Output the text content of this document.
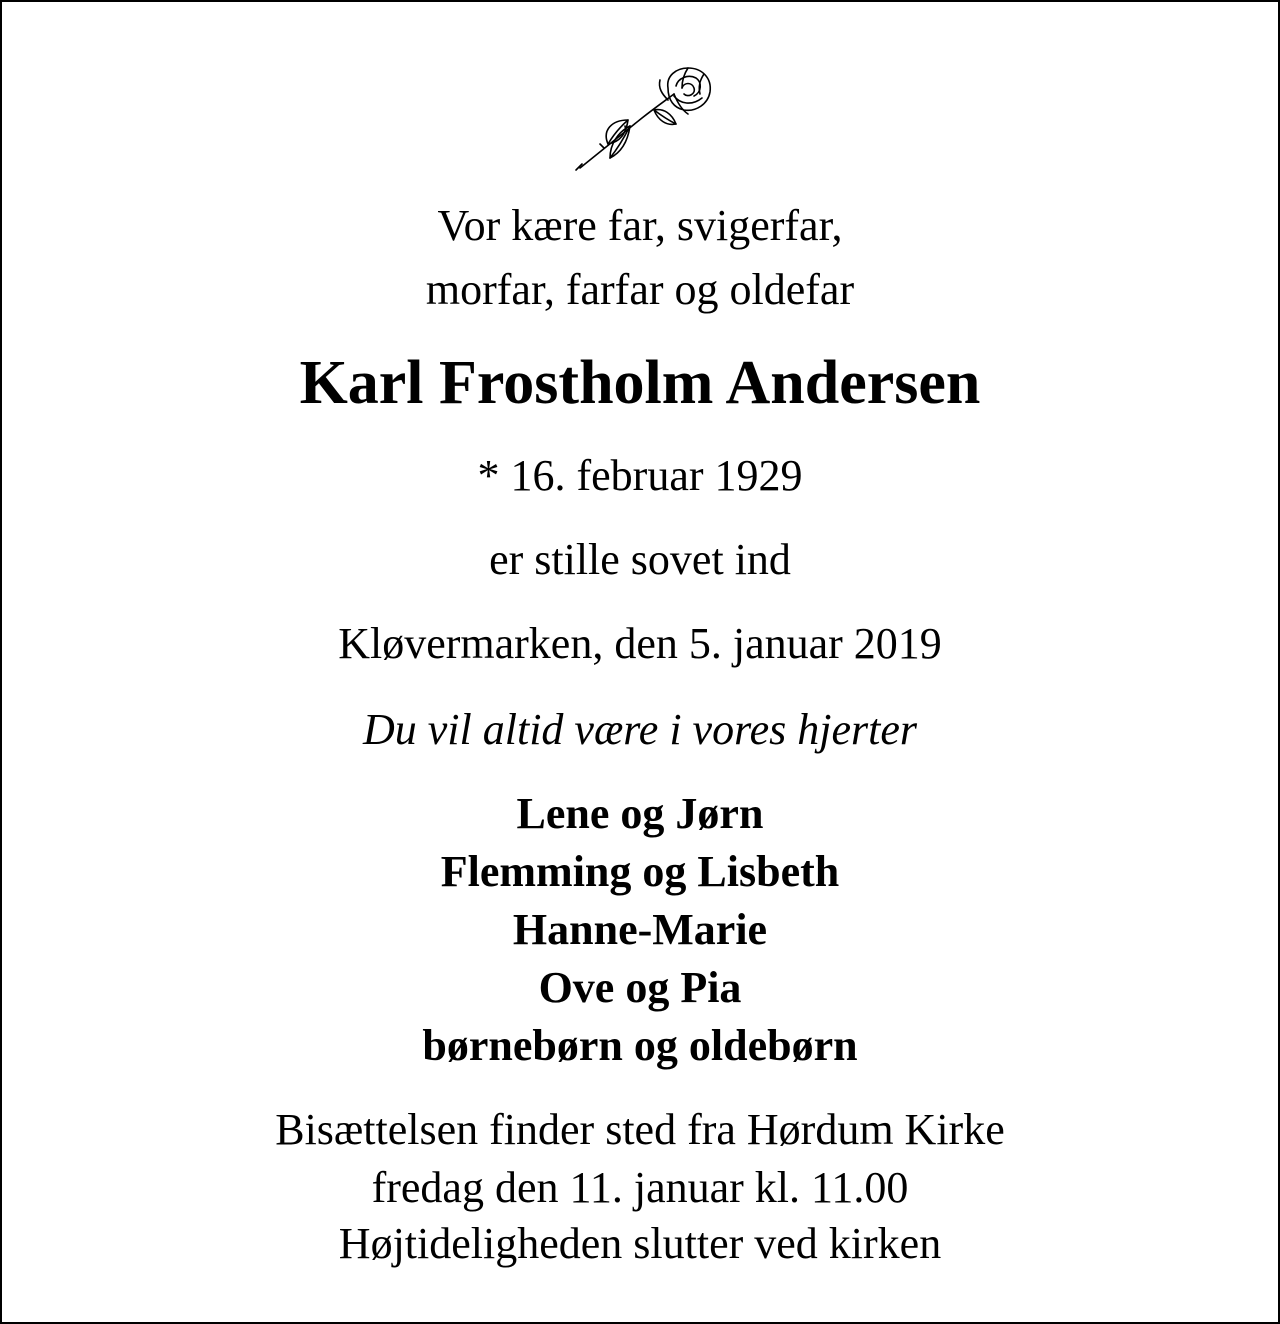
Vor kære far, svigerfar,
morfar, farfar og oldefar
Karl Frostholm Andersen
* 16. februar 1929
er stille sovet ind
Kløvermarken, den 5. januar 2019
Du vil altid være i vores hjerter
Lene og Jørn
Flemming og Lisbeth
Hanne-Marie
Ove og Pia
børnebørn og oldebørn
Bisættelsen finder sted fra Hørdum Kirke
fredag den 11. januar kl. 11.00
Højtideligheden slutter ved kirken
